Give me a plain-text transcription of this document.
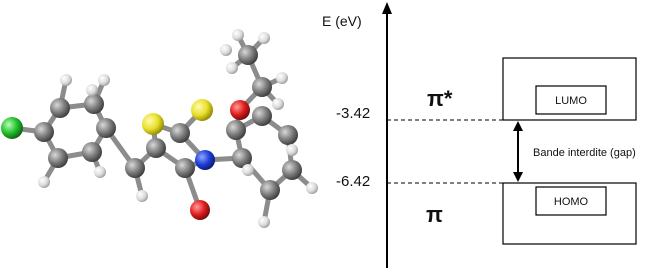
E (eV)
-3.42
-6.42
π*
π
LUMO
HOMO
Bande interdite (gap)
